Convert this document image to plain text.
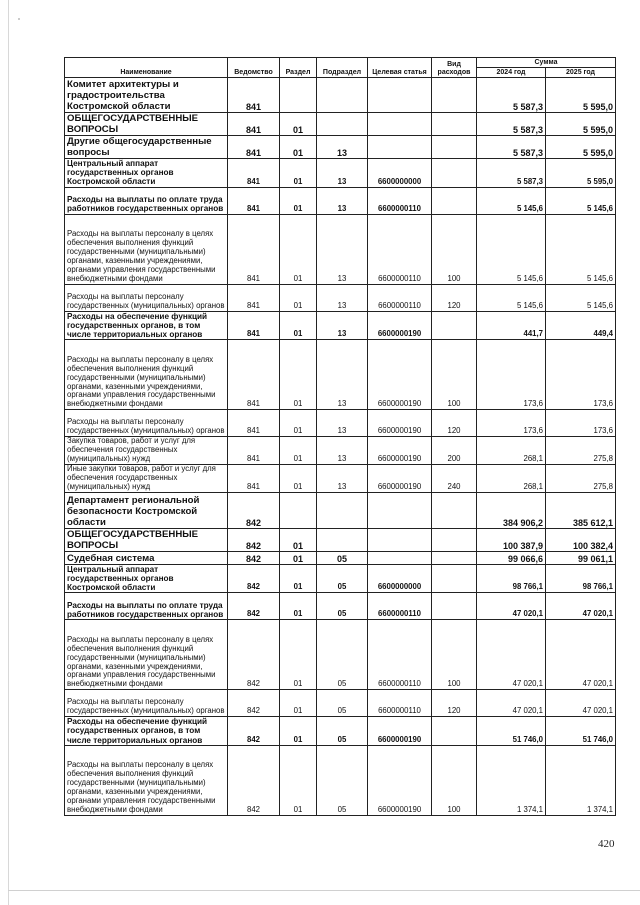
Наименование	Ведомство	Раздел	Подраздел	Целевая статья	Вид расходов	Сумма	
						2024 год	2025 год
Комитет архитектуры и градостроительства Костромской области	841					5 587,3	5 595,0
ОБЩЕГОСУДАРСТВЕННЫЕ ВОПРОСЫ	841	01				5 587,3	5 595,0
Другие общегосударственные вопросы	841	01	13			5 587,3	5 595,0
Центральный аппарат государственных органов Костромской области	841	01	13	6600000000		5 587,3	5 595,0
Расходы на выплаты по оплате труда работников государственных органов	841	01	13	6600000110		5 145,6	5 145,6
Расходы на выплаты персоналу в целях обеспечения выполнения функций государственными (муниципальными) органами, казенными учреждениями, органами управления государственными внебюджетными фондами	841	01	13	6600000110	100	5 145,6	5 145,6
Расходы на выплаты персоналу государственных (муниципальных) органов	841	01	13	6600000110	120	5 145,6	5 145,6
Расходы на обеспечение функций государственных органов, в том числе территориальных органов	841	01	13	6600000190		441,7	449,4
Расходы на выплаты персоналу в целях обеспечения выполнения функций государственными (муниципальными) органами, казенными учреждениями, органами управления государственными внебюджетными фондами	841	01	13	6600000190	100	173,6	173,6
Расходы на выплаты персоналу государственных (муниципальных) органов	841	01	13	6600000190	120	173,6	173,6
Закупка товаров, работ и услуг для обеспечения государственных (муниципальных) нужд	841	01	13	6600000190	200	268,1	275,8
Иные закупки товаров, работ и услуг для обеспечения государственных (муниципальных) нужд	841	01	13	6600000190	240	268,1	275,8
Департамент региональной безопасности Костромской области	842					384 906,2	385 612,1
ОБЩЕГОСУДАРСТВЕННЫЕ ВОПРОСЫ	842	01				100 387,9	100 382,4
Судебная система	842	01	05			99 066,6	99 061,1
Центральный аппарат государственных органов Костромской области	842	01	05	6600000000		98 766,1	98 766,1
Расходы на выплаты по оплате труда работников государственных органов	842	01	05	6600000110		47 020,1	47 020,1
Расходы на выплаты персоналу в целях обеспечения выполнения функций государственными (муниципальными) органами, казенными учреждениями, органами управления государственными внебюджетными фондами	842	01	05	6600000110	100	47 020,1	47 020,1
Расходы на выплаты персоналу государственных (муниципальных) органов	842	01	05	6600000110	120	47 020,1	47 020,1
Расходы на обеспечение функций государственных органов, в том числе территориальных органов	842	01	05	6600000190		51 746,0	51 746,0
Расходы на выплаты персоналу в целях обеспечения выполнения функций государственными (муниципальными) органами, казенными учреждениями, органами управления государственными внебюджетными фондами	842	01	05	6600000190	100	1 374,1	1 374,1
420
